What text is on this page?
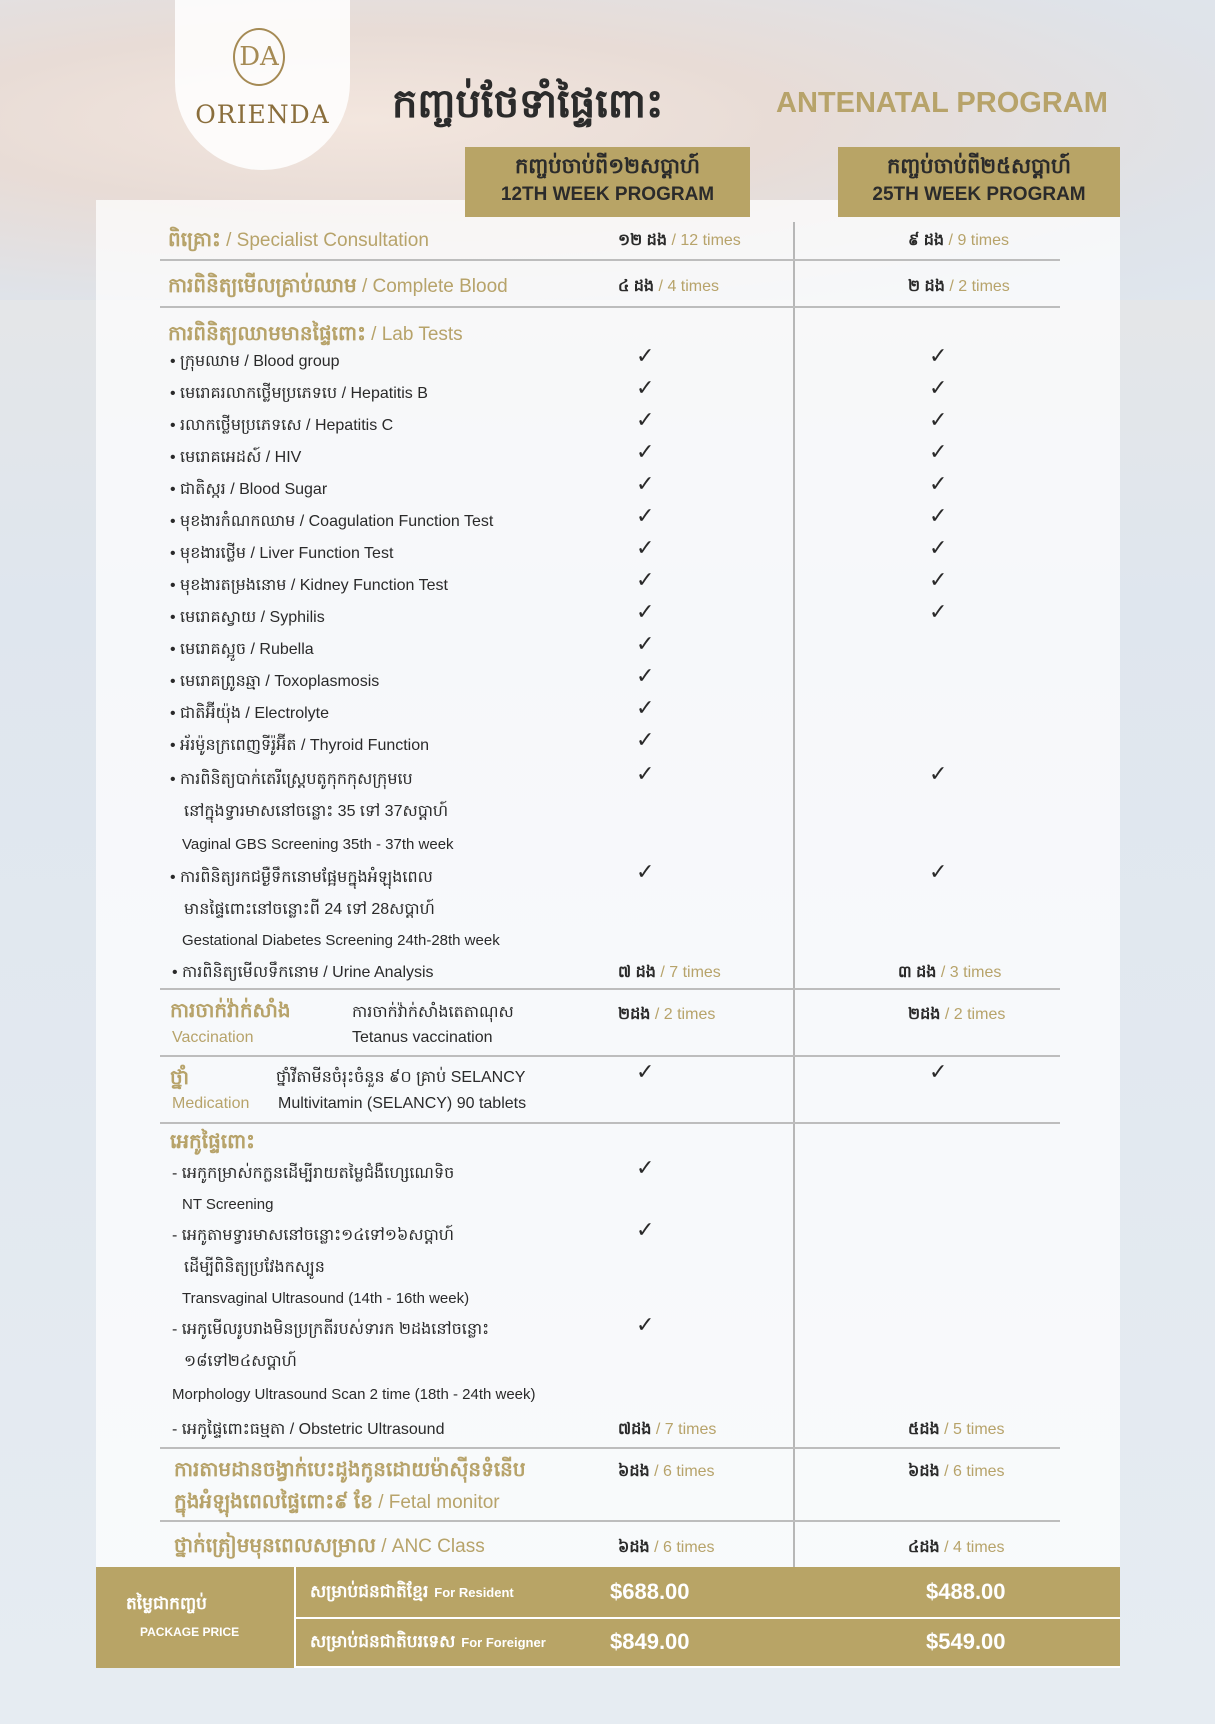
DA
ORIENDA	កញ្ចប់ថែទាំផ្ទៃពោះ	ANTENATAL PROGRAM
កញ្ចប់ចាប់ពី១២សប្តាហ៍
12TH WEEK PROGRAM
កញ្ចប់ចាប់ពី២៥សប្តាហ៍
25TH WEEK PROGRAM
ពិគ្រោះ / Specialist Consultation	១២ ដង / 12 times	៩ ដង / 9 times
ការពិនិត្យមើលគ្រាប់ឈាម / Complete Blood	៤ ដង / 4 times	២ ដង / 2 times
ការពិនិត្យឈាមមានផ្ទៃពោះ / Lab Tests
• ក្រុមឈាម / Blood group	✓	✓
• មេរោគរលាកថ្លើមប្រភេទបេ / Hepatitis B	✓	✓
• រលាកថ្លើមប្រភេទសេ / Hepatitis C	✓	✓
• មេរោគអេដស៍ / HIV	✓	✓
• ជាតិស្ករ / Blood Sugar	✓	✓
• មុខងារកំណកឈាម / Coagulation Function Test	✓	✓
• មុខងារថ្លើម / Liver Function Test	✓	✓
• មុខងារតម្រងនោម / Kidney Function Test	✓	✓
• មេរោគស្វាយ / Syphilis	✓	✓
• មេរោគស្អូច / Rubella	✓
• មេរោគព្រូនឆ្មា / Toxoplasmosis	✓
• ជាតិអ៊ីយ៉ុង / Electrolyte	✓
• អ័រម៉ូនក្រពេញទីរ៉ូអ៊ីត / Thyroid Function	✓
• ការពិនិត្យបាក់តេរីស្រ្តេបតូកុកកុសក្រុមបេ
នៅក្នុងទ្វារមាសនៅចន្លោះ 35 ទៅ 37សប្តាហ៍
Vaginal GBS Screening 35th - 37th week
✓	✓
• ការពិនិត្យរកជម្ងឺទឹកនោមផ្អែមក្នុងអំឡុងពេល
មានផ្ទៃពោះនៅចន្លោះពី 24 ទៅ 28សប្តាហ៍
Gestational Diabetes Screening 24th-28th week
✓	✓
• ការពិនិត្យមើលទឹកនោម / Urine Analysis	៧ ដង / 7 times	៣ ដង / 3 times
ការចាក់វ៉ាក់សាំង
Vaccination
ការចាក់វ៉ាក់សាំងតេតាណុស
Tetanus vaccination
២ដង / 2 times	២ដង / 2 times
ថ្នាំ
Medication
ថ្នាំវីតាមីនចំរុះចំនួន ៩០ គ្រាប់ SELANCY
Multivitamin (SELANCY) 90 tablets
✓	✓
អេកូផ្ទៃពោះ
- អេកូកម្រាស់កក្លនដើម្បីរាយតម្លៃជំងឺហ្សេណេទិច
NT Screening
✓
- អេកូតាមទ្វារមាសនៅចន្លោះ១៤ទៅ១៦សប្តាហ៍
ដើម្បីពិនិត្យប្រវែងកស្បូន
Transvaginal Ultrasound (14th - 16th week)
✓
- អេកូមើលរូបរាងមិនប្រក្រតីរបស់ទារក ២ដងនៅចន្លោះ
១៨ទៅ២៤សប្តាហ៍
Morphology Ultrasound Scan 2 time (18th - 24th week)
✓
- អេកូផ្ទៃពោះធម្មតា / Obstetric Ultrasound	៧ដង / 7 times	៥ដង / 5 times
ការតាមដានចង្វាក់បេះដូងកូនដោយម៉ាស៊ីនទំនើប
ក្នុងអំឡុងពេលផ្ទៃពោះ៩ ខែ / Fetal monitor
៦ដង / 6 times	៦ដង / 6 times
ថ្នាក់ត្រៀមមុនពេលសម្រាល / ANC Class	៦ដង / 6 times	៤ដង / 4 times
តម្លៃជាកញ្ចប់
PACKAGE PRICE
សម្រាប់ជនជាតិខ្មែរ For Resident	$688.00	$488.00
សម្រាប់ជនជាតិបរទេស For Foreigner	$849.00	$549.00
